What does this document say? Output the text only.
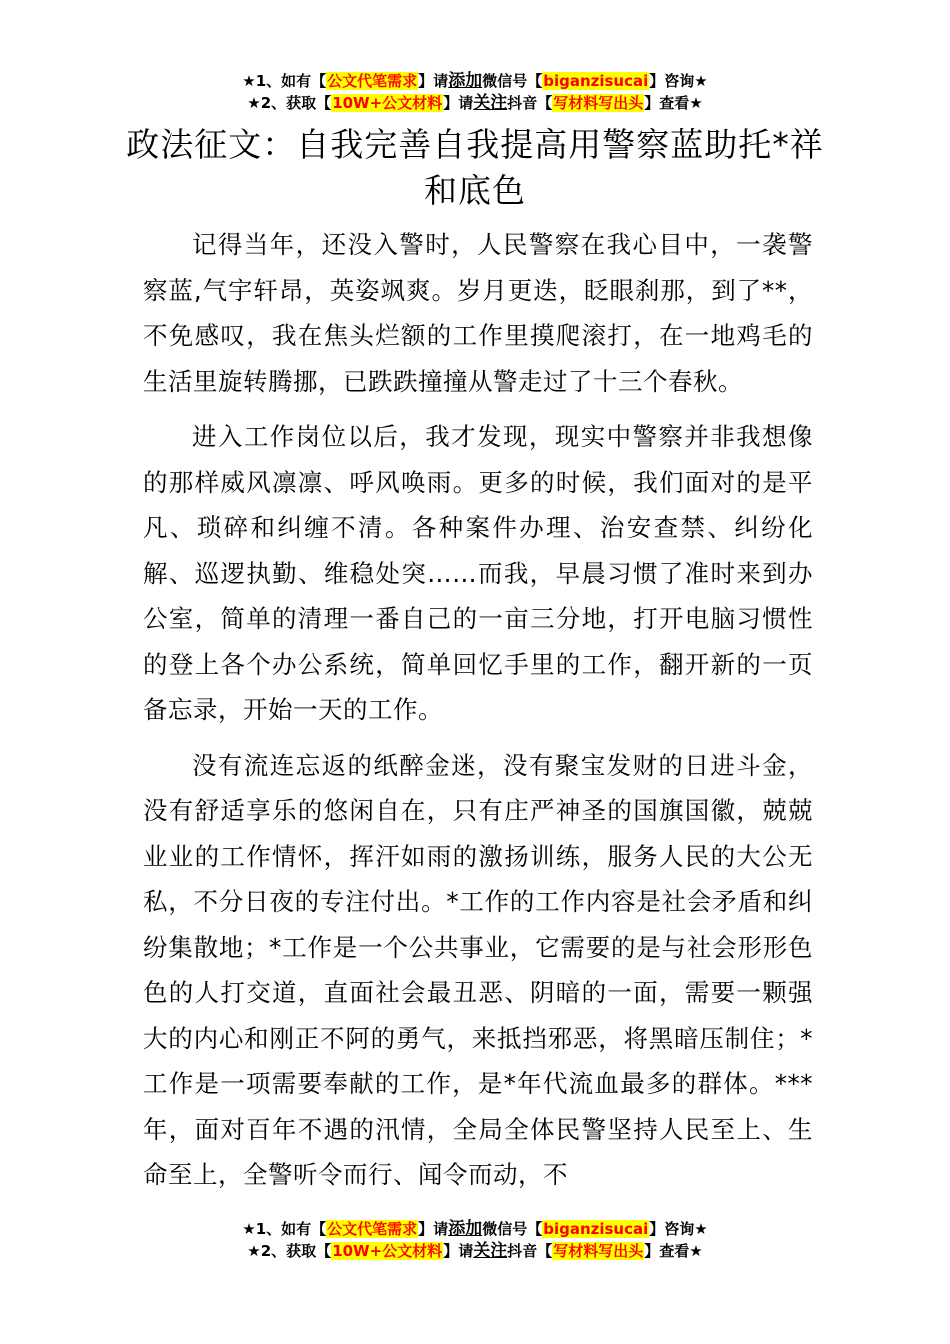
★1、如有【公文代笔需求】请添加微信号【biganzisucai】咨询★
★2、获取【10W+公文材料】请关注抖音【写材料写出头】查看★
政法征文：自我完善自我提高用警察蓝助托*祥和底色

记得当年，还没入警时，人民警察在我心目中，一袭警察蓝,气宇轩昂，英姿飒爽。岁月更迭，眨眼刹那，到了**，不免感叹，我在焦头烂额的工作里摸爬滚打，在一地鸡毛的生活里旋转腾挪，已跌跌撞撞从警走过了十三个春秋。

进入工作岗位以后，我才发现，现实中警察并非我想像的那样威风凛凛、呼风唤雨。更多的时候，我们面对的是平凡、琐碎和纠缠不清。各种案件办理、治安查禁、纠纷化解、巡逻执勤、维稳处突……而我，早晨习惯了准时来到办公室，简单的清理一番自己的一亩三分地，打开电脑习惯性的登上各个办公系统，简单回忆手里的工作，翻开新的一页备忘录，开始一天的工作。

没有流连忘返的纸醉金迷，没有聚宝发财的日进斗金，没有舒适享乐的悠闲自在，只有庄严神圣的国旗国徽，兢兢业业的工作情怀，挥汗如雨的激扬训练，服务人民的大公无私，不分日夜的专注付出。*工作的工作内容是社会矛盾和纠纷集散地；*工作是一个公共事业，它需要的是与社会形形色色的人打交道，直面社会最丑恶、阴暗的一面，需要一颗强大的内心和刚正不阿的勇气，来抵挡邪恶，将黑暗压制住；*工作是一项需要奉献的工作，是*年代流血最多的群体。***年，面对百年不遇的汛情，全局全体民警坚持人民至上、生命至上，全警听令而行、闻令而动，不

★1、如有【公文代笔需求】请添加微信号【biganzisucai】咨询★
★2、获取【10W+公文材料】请关注抖音【写材料写出头】查看★
